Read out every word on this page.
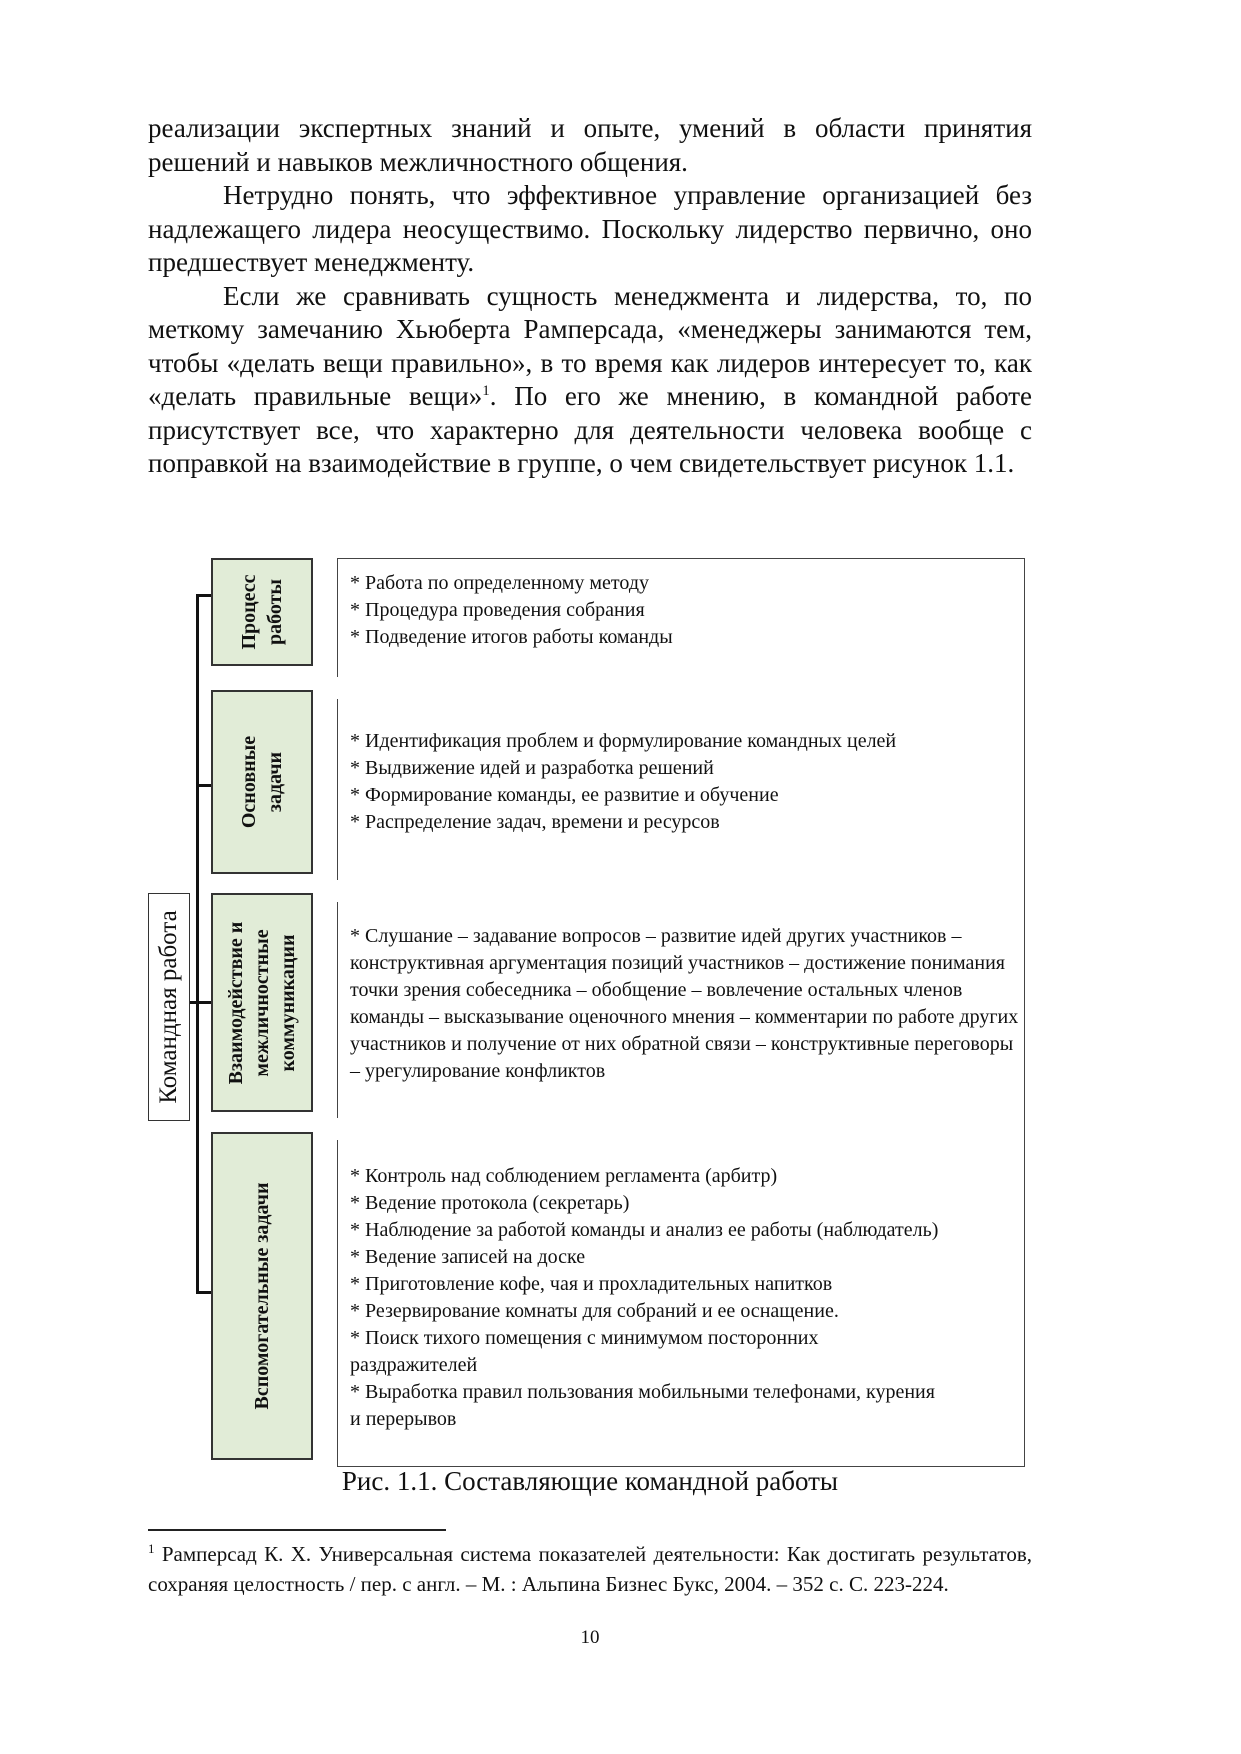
реализации экспертных знаний и опыте, умений в области принятия решений и навыков межличностного общения.

Нетрудно понять, что эффективное управление организацией без надлежащего лидера неосуществимо. Поскольку лидерство первично, оно предшествует менеджменту.

Если же сравнивать сущность менеджмента и лидерства, то, по меткому замечанию Хьюберта Рамперсада, «менеджеры занимаются тем, чтобы «делать вещи правильно», в то время как лидеров интересует то, как «делать правильные вещи»$^1$. По его же мнению, в командной работе присутствует все, что характерно для деятельности человека вообще с поправкой на взаимодействие в группе, о чем свидетельствует рисунок 1.1.

Командная работа
Процесс работы
Основные задачи
Взаимодействие и межличностные коммуникации
Вспомогательные задачи
* Работа по определенному методу
* Процедура проведения собрания
* Подведение итогов работы команды
* Идентификация проблем и формулирование командных целей
* Выдвижение идей и разработка решений
* Формирование команды, ее развитие и обучение
* Распределение задач, времени и ресурсов
* Слушание – задавание вопросов – развитие идей других участников – конструктивная аргументация позиций участников – достижение понимания точки зрения собеседника – обобщение – вовлечение остальных членов команды – высказывание оценочного мнения – комментарии по работе других участников и получение от них обратной связи – конструктивные переговоры – урегулирование конфликтов
* Контроль над соблюдением регламента (арбитр)
* Ведение протокола (секретарь)
* Наблюдение за работой команды и анализ ее работы (наблюдатель)
* Ведение записей на доске
* Приготовление кофе, чая и прохладительных напитков
* Резервирование комнаты для собраний и ее оснащение.
* Поиск тихого помещения с минимумом посторонних раздражителей
* Выработка правил пользования мобильными телефонами, курения и перерывов
Рис. 1.1. Составляющие командной работы

$^1$ Рамперсад К. Х. Универсальная система показателей деятельности: Как достигать результатов, сохраняя целостность / пер. с англ. – М. : Альпина Бизнес Букс, 2004. – 352 с. С. 223-224.

10
